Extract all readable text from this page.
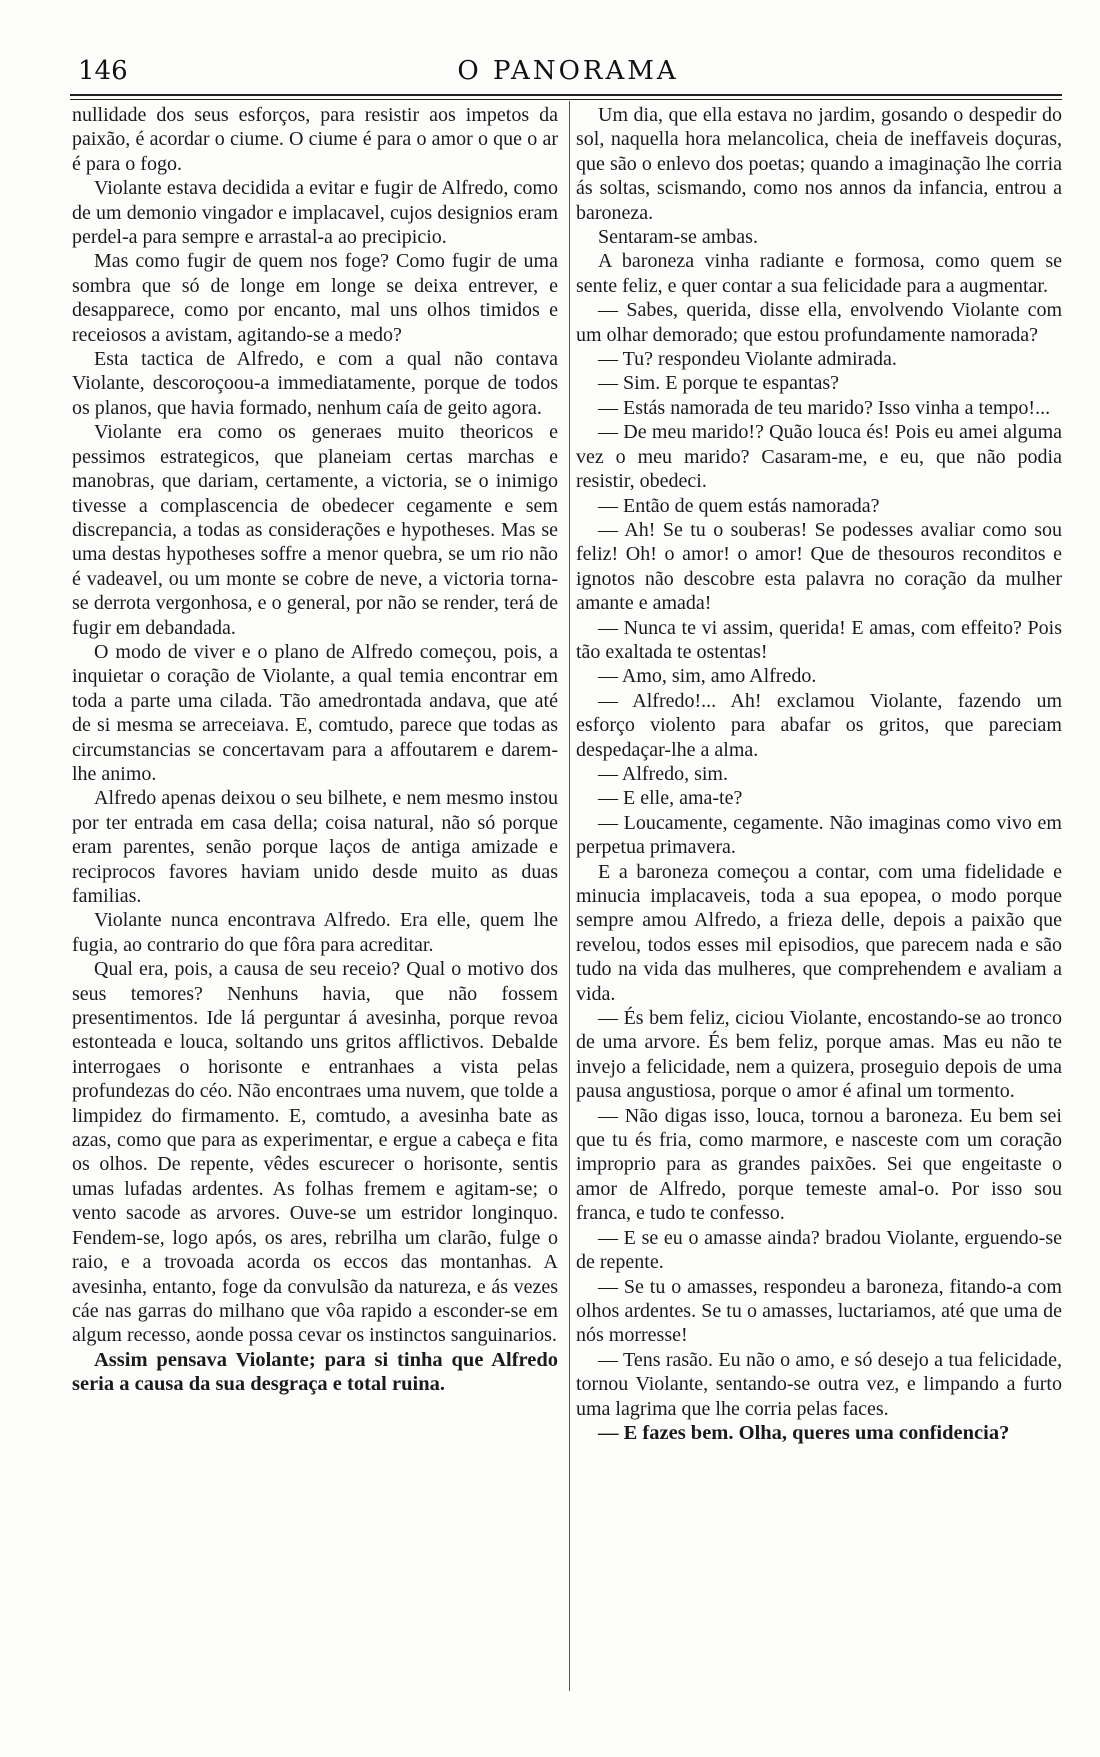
146	O PANORAMA

nullidade dos seus esforços, para resistir aos impetos da paixão, é acordar o ciume. O ciume é para o amor o que o ar é para o fogo.

Violante estava decidida a evitar e fugir de Alfredo, como de um demonio vingador e implacavel, cujos designios eram perdel-a para sempre e arrastal-a ao precipicio.

Mas como fugir de quem nos foge? Como fugir de uma sombra que só de longe em longe se deixa entrever, e desapparece, como por encanto, mal uns olhos timidos e receiosos a avistam, agitando-se a medo?

Esta tactica de Alfredo, e com a qual não contava Violante, descoroçoou-a immediatamente, porque de todos os planos, que havia formado, nenhum caía de geito agora.

Violante era como os generaes muito theoricos e pessimos estrategicos, que planeiam certas marchas e manobras, que dariam, certamente, a victoria, se o inimigo tivesse a complascencia de obedecer cegamente e sem discrepancia, a todas as considerações e hypotheses. Mas se uma destas hypotheses soffre a menor quebra, se um rio não é vadeavel, ou um monte se cobre de neve, a victoria torna-se derrota vergonhosa, e o general, por não se render, terá de fugir em debandada.

O modo de viver e o plano de Alfredo começou, pois, a inquietar o coração de Violante, a qual temia encontrar em toda a parte uma cilada. Tão amedrontada andava, que até de si mesma se arreceiava. E, comtudo, parece que todas as circumstancias se concertavam para a affoutarem e darem-lhe animo.

Alfredo apenas deixou o seu bilhete, e nem mesmo instou por ter entrada em casa della; coisa natural, não só porque eram parentes, senão porque laços de antiga amizade e reciprocos favores haviam unido desde muito as duas familias.

Violante nunca encontrava Alfredo. Era elle, quem lhe fugia, ao contrario do que fôra para acreditar.

Qual era, pois, a causa de seu receio? Qual o motivo dos seus temores? Nenhuns havia, que não fossem presentimentos. Ide lá perguntar á avesinha, porque revoa estonteada e louca, soltando uns gritos afflictivos. Debalde interrogaes o horisonte e entranhaes a vista pelas profundezas do céo. Não encontraes uma nuvem, que tolde a limpidez do firmamento. E, comtudo, a avesinha bate as azas, como que para as experimentar, e ergue a cabeça e fita os olhos. De repente, vêdes escurecer o horisonte, sentis umas lufadas ardentes. As folhas fremem e agitam-se; o vento sacode as arvores. Ouve-se um estridor longinquo. Fendem-se, logo após, os ares, rebrilha um clarão, fulge o raio, e a trovoada acorda os eccos das montanhas. A avesinha, entanto, foge da convulsão da natureza, e ás vezes cáe nas garras do milhano que vôa rapido a esconder-se em algum recesso, aonde possa cevar os instinctos sanguinarios.

Assim pensava Violante; para si tinha que Alfredo seria a causa da sua desgraça e total ruina.

Um dia, que ella estava no jardim, gosando o despedir do sol, naquella hora melancolica, cheia de ineffaveis doçuras, que são o enlevo dos poetas; quando a imaginação lhe corria ás soltas, scismando, como nos annos da infancia, entrou a baroneza.

Sentaram-se ambas.

A baroneza vinha radiante e formosa, como quem se sente feliz, e quer contar a sua felicidade para a augmentar.

— Sabes, querida, disse ella, envolvendo Violante com um olhar demorado; que estou profundamente namorada?

— Tu? respondeu Violante admirada.

— Sim. E porque te espantas?

— Estás namorada de teu marido? Isso vinha a tempo!...

— De meu marido!? Quão louca és! Pois eu amei alguma vez o meu marido? Casaram-me, e eu, que não podia resistir, obedeci.

— Então de quem estás namorada?

— Ah! Se tu o souberas! Se podesses avaliar como sou feliz! Oh! o amor! o amor! Que de thesouros reconditos e ignotos não descobre esta palavra no coração da mulher amante e amada!

— Nunca te vi assim, querida! E amas, com effeito? Pois tão exaltada te ostentas!

— Amo, sim, amo Alfredo.

— Alfredo!... Ah! exclamou Violante, fazendo um esforço violento para abafar os gritos, que pareciam despedaçar-lhe a alma.

— Alfredo, sim.

— E elle, ama-te?

— Loucamente, cegamente. Não imaginas como vivo em perpetua primavera.

E a baroneza começou a contar, com uma fidelidade e minucia implacaveis, toda a sua epopea, o modo porque sempre amou Alfredo, a frieza delle, depois a paixão que revelou, todos esses mil episodios, que parecem nada e são tudo na vida das mulheres, que comprehendem e avaliam a vida.

— És bem feliz, ciciou Violante, encostando-se ao tronco de uma arvore. És bem feliz, porque amas. Mas eu não te invejo a felicidade, nem a quizera, proseguio depois de uma pausa angustiosa, porque o amor é afinal um tormento.

— Não digas isso, louca, tornou a baroneza. Eu bem sei que tu és fria, como marmore, e nasceste com um coração improprio para as grandes paixões. Sei que engeitaste o amor de Alfredo, porque temeste amal-o. Por isso sou franca, e tudo te confesso.

— E se eu o amasse ainda? bradou Violante, erguendo-se de repente.

— Se tu o amasses, respondeu a baroneza, fitando-a com olhos ardentes. Se tu o amasses, luctariamos, até que uma de nós morresse!

— Tens rasão. Eu não o amo, e só desejo a tua felicidade, tornou Violante, sentando-se outra vez, e limpando a furto uma lagrima que lhe corria pelas faces.

— E fazes bem. Olha, queres uma confidencia?
